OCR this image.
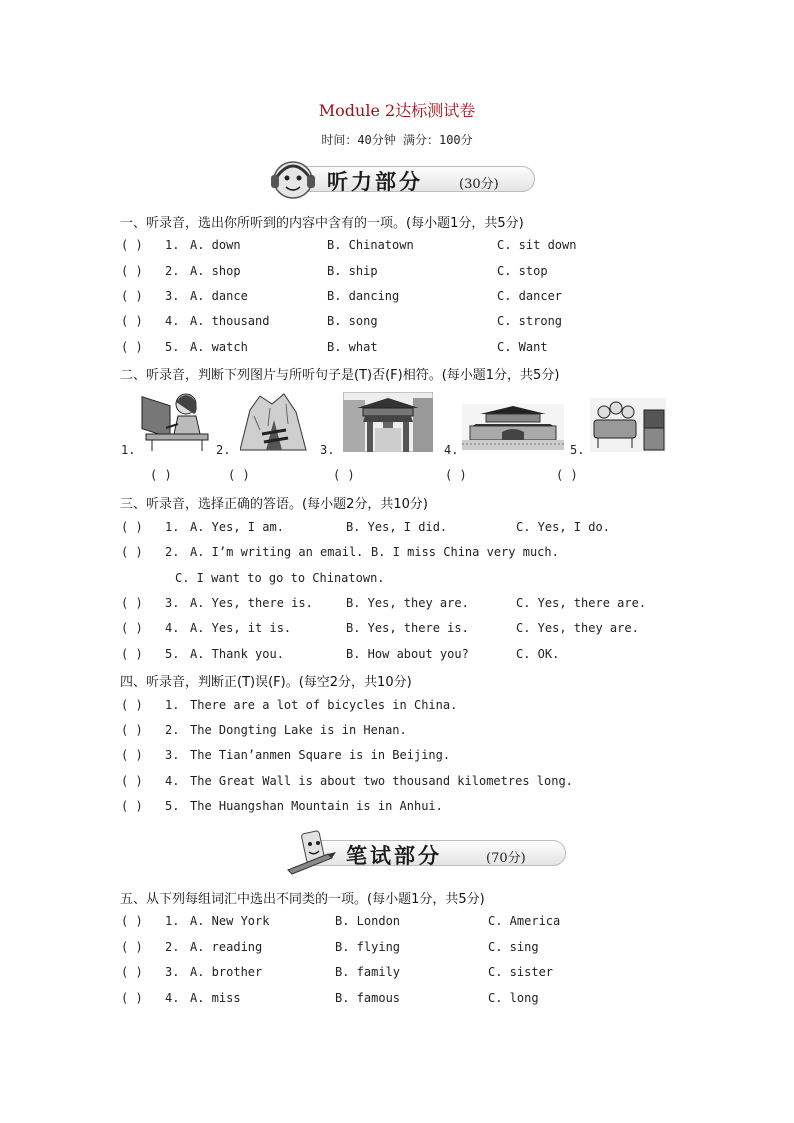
Module 2达标测试卷
时间：40分钟 满分：100分
听力部分	(30分)
一、听录音，选出你所听到的内容中含有的一项。(每小题1分，共5分)
( ) 1. A. down	B. Chinatown	C. sit down
( ) 2. A. shop	B. ship	C. stop
( ) 3. A. dance	B. dancing	C. dancer
( ) 4. A. thousand	B. song	C. strong
( ) 5. A. watch	B. what	C. Want
二、听录音，判断下列图片与所听句子是(T)否(F)相符。(每小题1分，共5分)
1.
( )
2.
( )
3.
( )
4.
( )
5.
( )
三、听录音，选择正确的答语。(每小题2分，共10分)
( ) 1. A. Yes, I am.	B. Yes, I did.	C. Yes, I do.
( ) 2. A. I’m writing an email. B. I miss China very much.
C. I want to go to Chinatown.
( ) 3. A. Yes, there is.	B. Yes, they are.	C. Yes, there are.
( ) 4. A. Yes, it is.	B. Yes, there is.	C. Yes, they are.
( ) 5. A. Thank you.	B. How about you?	C. OK.
四、听录音，判断正(T)误(F)。(每空2分，共10分)
( ) 1. There are a lot of bicycles in China.
( ) 2. The Dongting Lake is in Henan.
( ) 3. The Tian’anmen Square is in Beijing.
( ) 4. The Great Wall is about two thousand kilometres long.
( ) 5. The Huangshan Mountain is in Anhui.
笔试部分	(70分)
五、从下列每组词汇中选出不同类的一项。(每小题1分，共5分)
( ) 1. A. New York	B. London	C. America
( ) 2. A. reading	B. flying	C. sing
( ) 3. A. brother	B. family	C. sister
( ) 4. A. miss	B. famous	C. long
